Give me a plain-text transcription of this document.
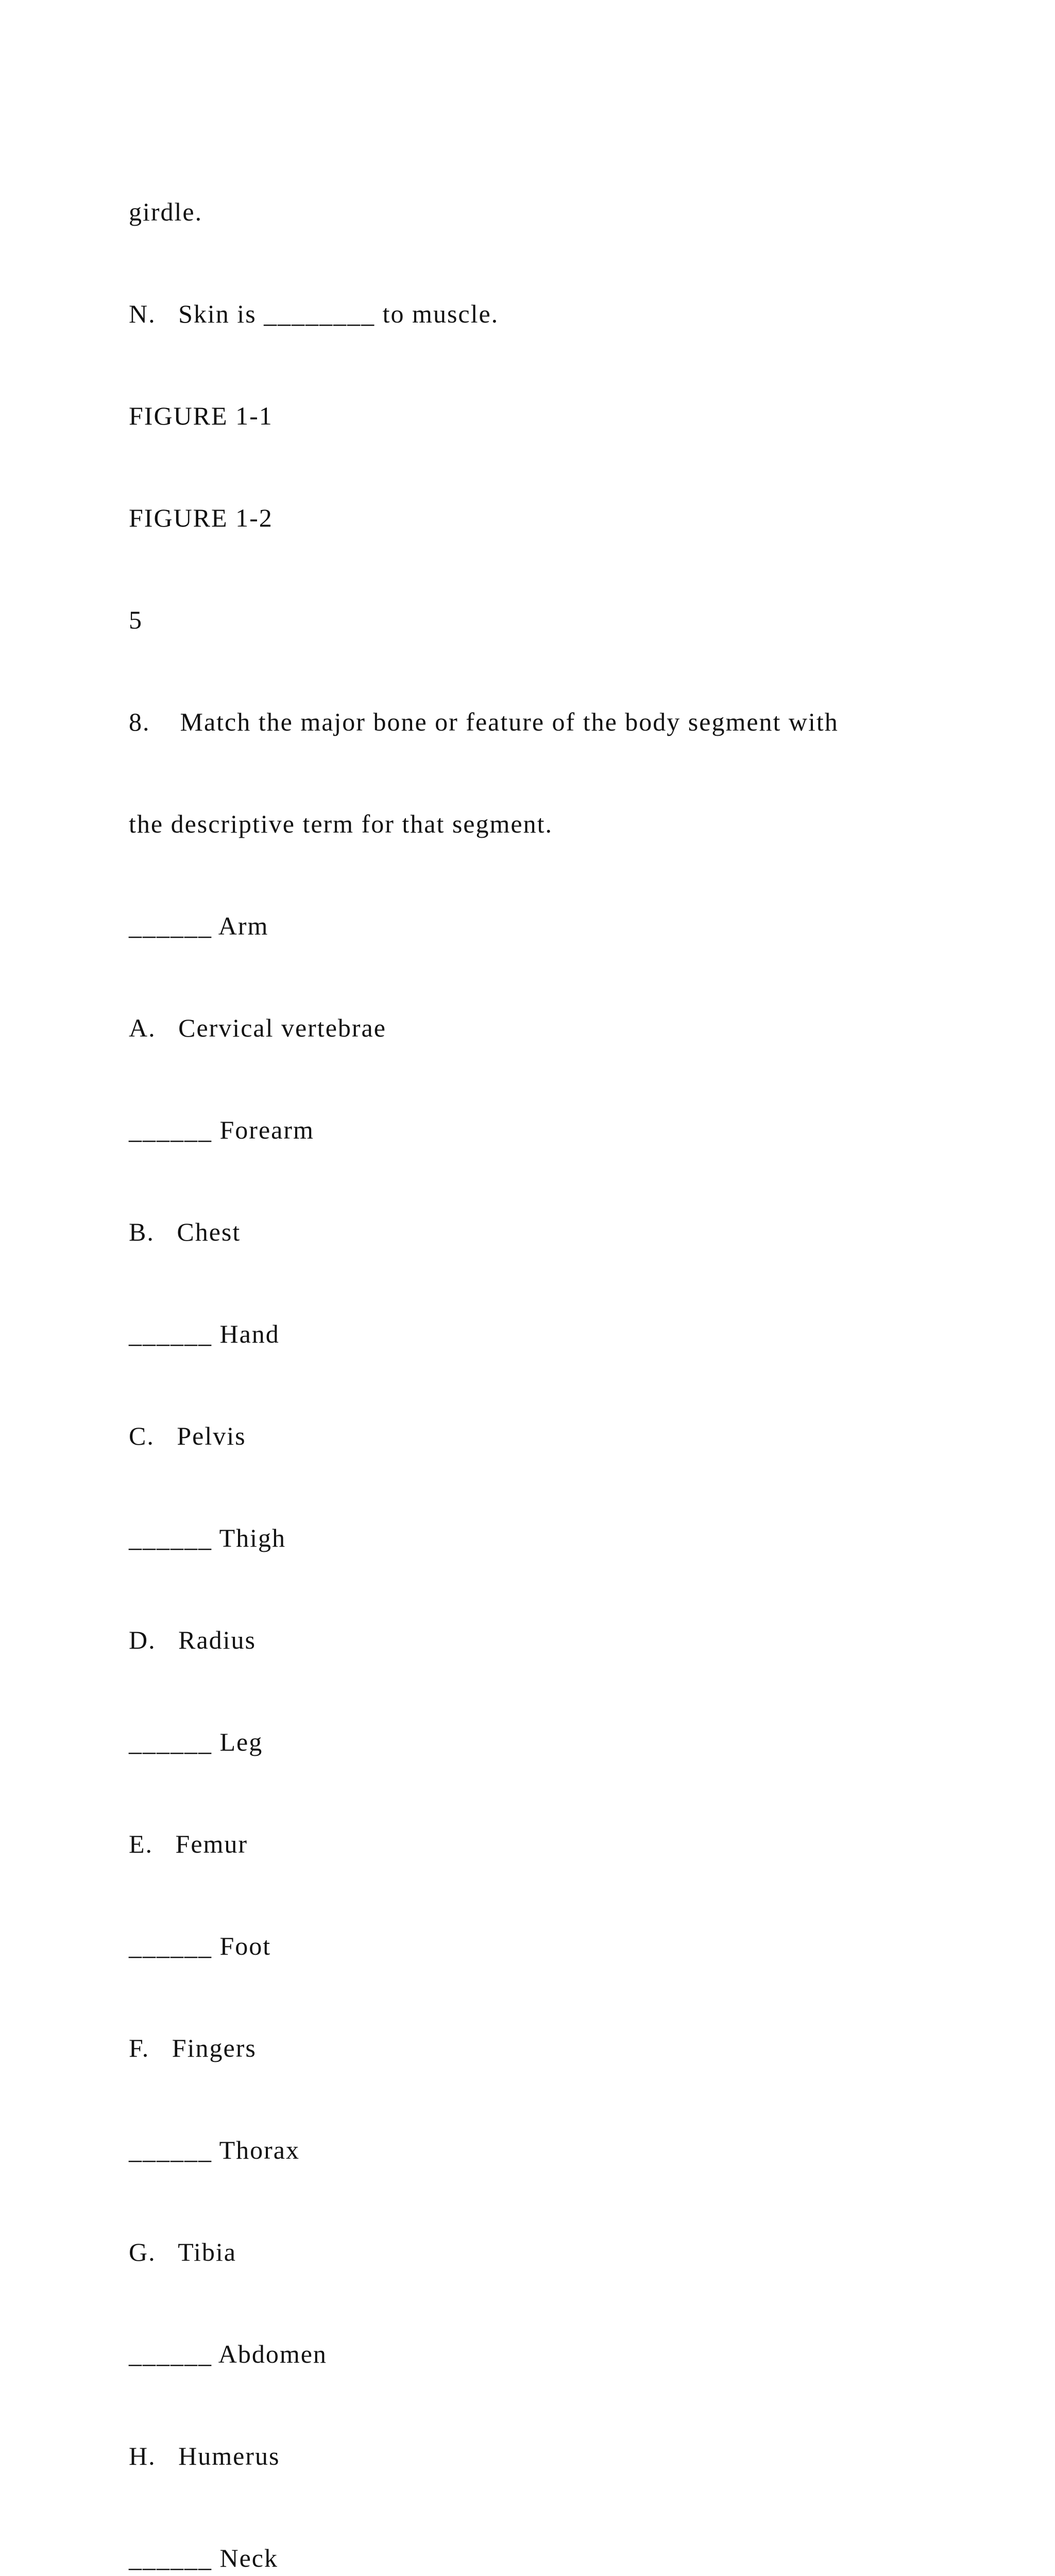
girdle.

N.   Skin is ________ to muscle.

FIGURE 1-1

FIGURE 1-2

5

8.    Match the major bone or feature of the body segment with

the descriptive term for that segment.

______ Arm

A.   Cervical vertebrae

______ Forearm

B.   Chest

______ Hand

C.   Pelvis

______ Thigh

D.   Radius

______ Leg

E.   Femur

______ Foot

F.   Fingers

______ Thorax

G.   Tibia

______ Abdomen

H.   Humerus

______ Neck
